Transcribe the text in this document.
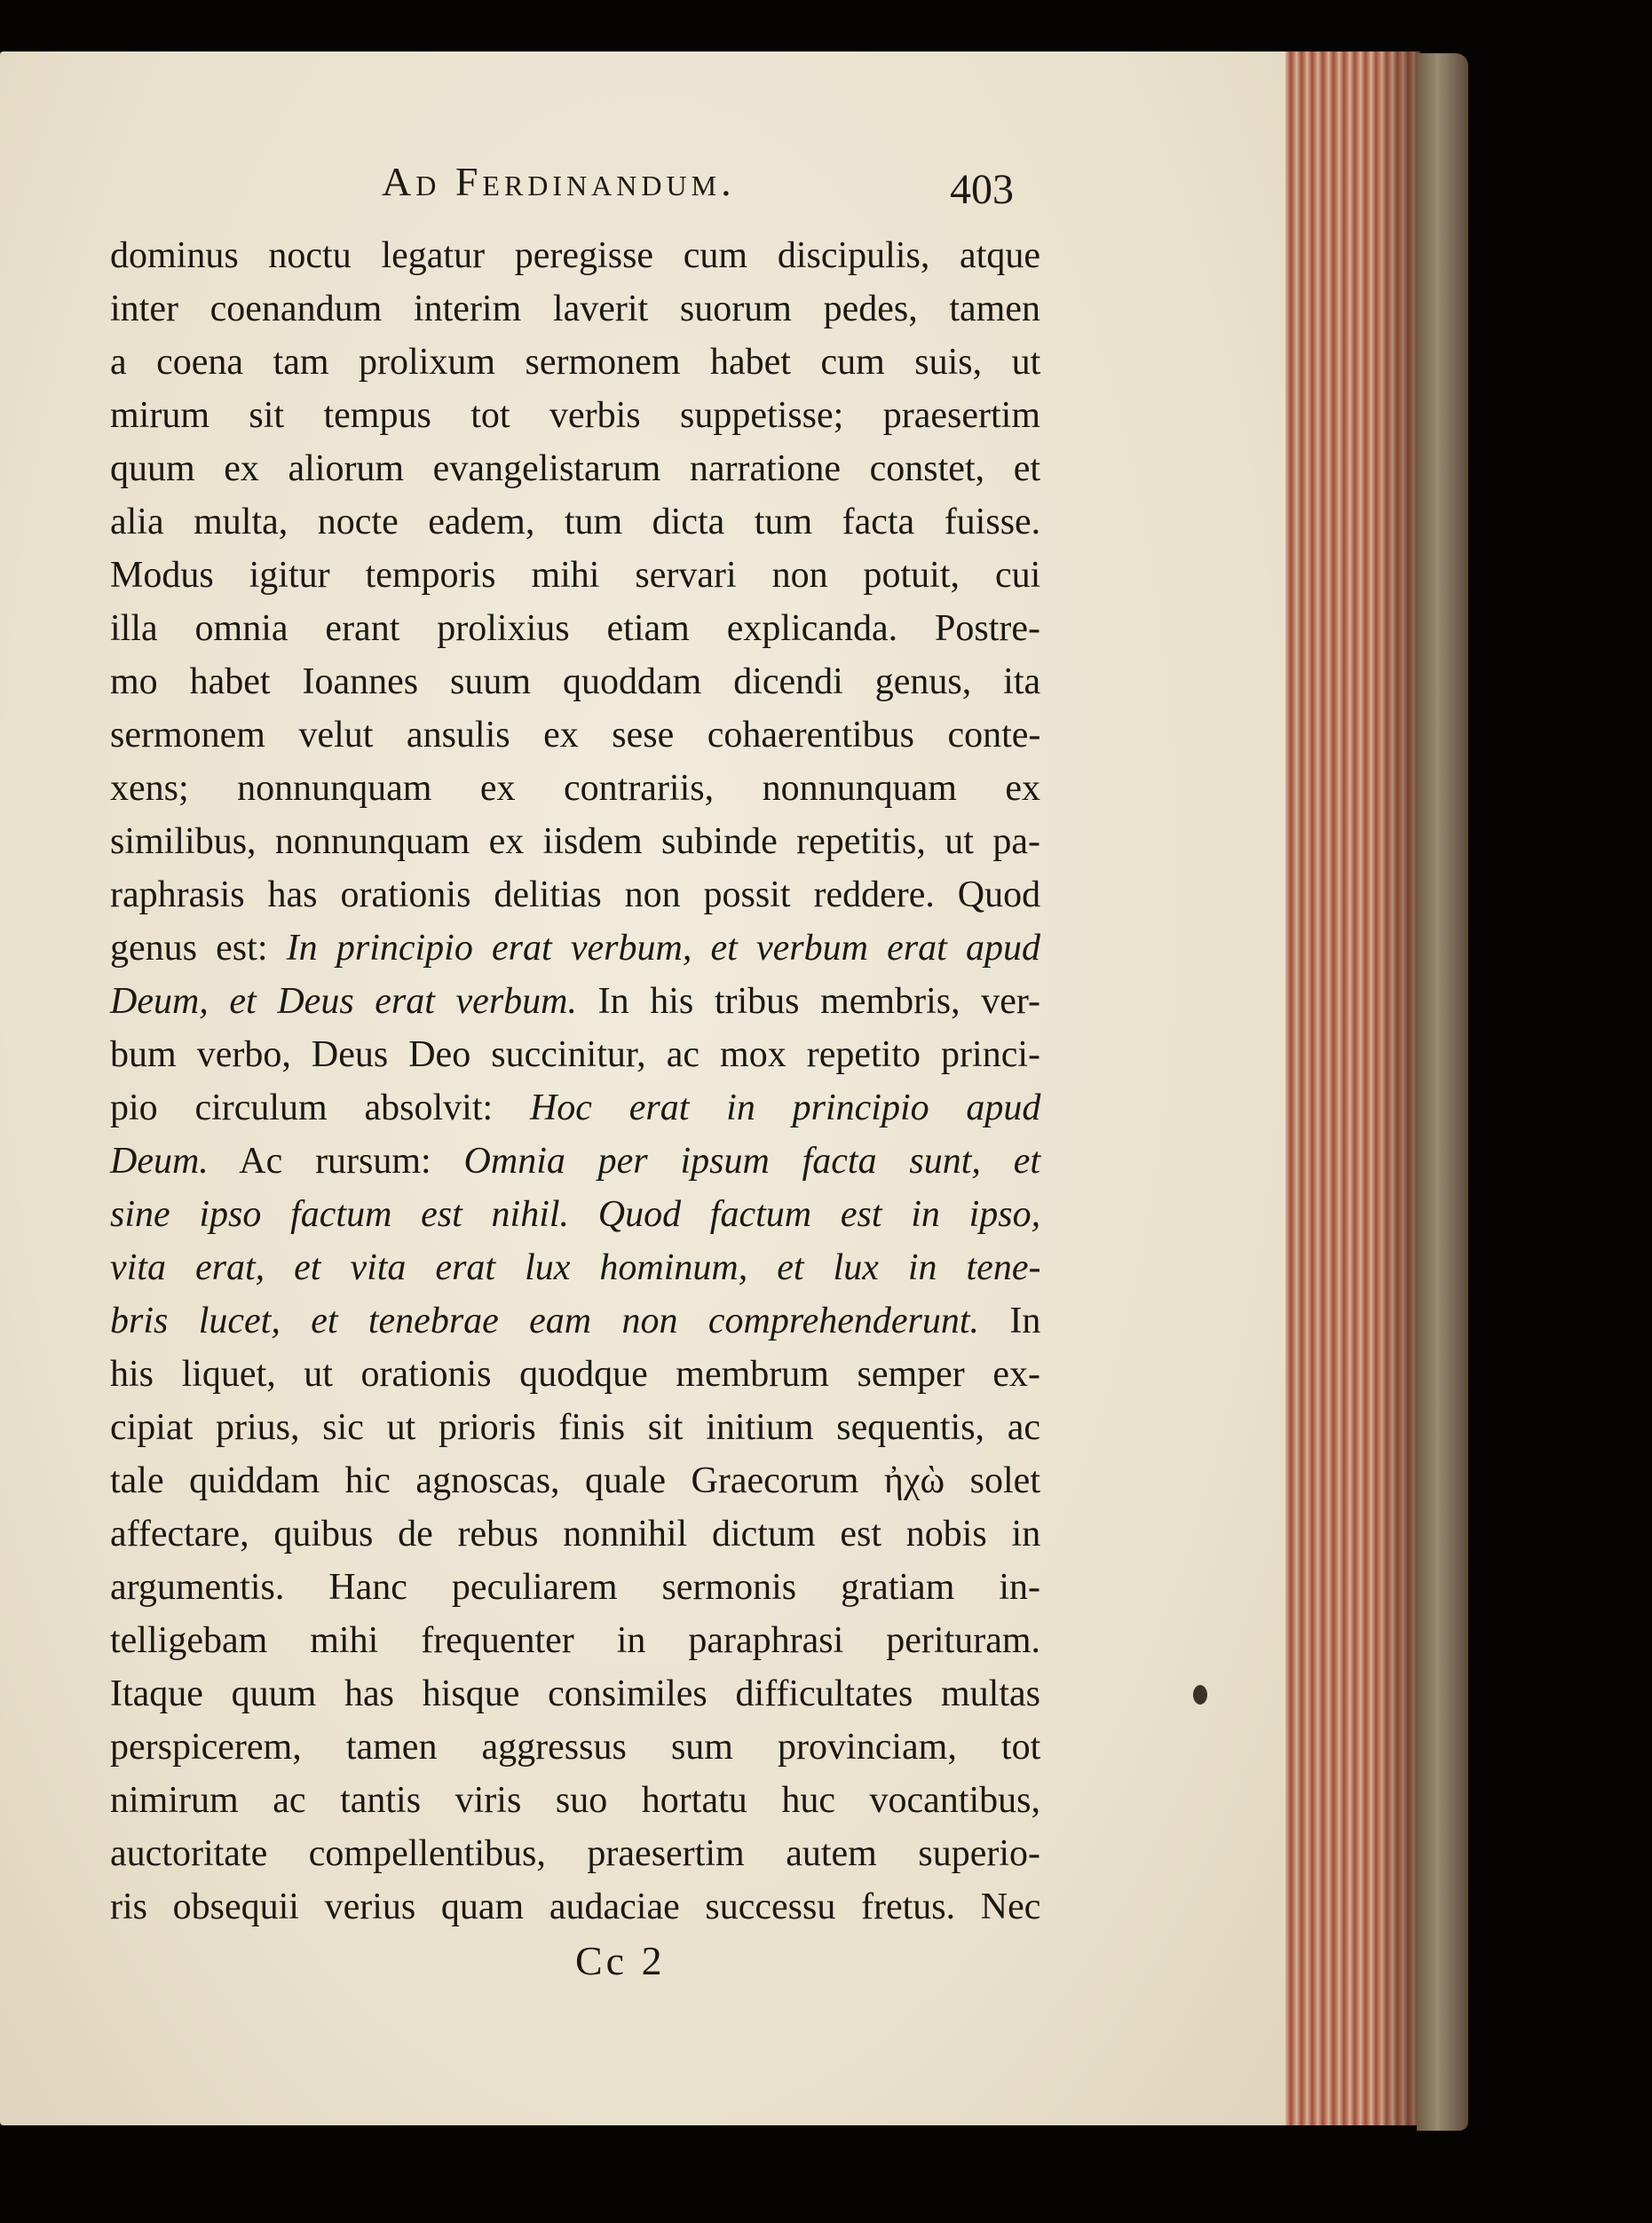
Ad Ferdinandum.	403
dominus noctu legatur peregisse cum discipulis, atque
inter coenandum interim laverit suorum pedes, tamen
a coena tam prolixum sermonem habet cum suis, ut
mirum sit tempus tot verbis suppetisse; praesertim
quum ex aliorum evangelistarum narratione constet, et
alia multa, nocte eadem, tum dicta tum facta fuisse.
Modus igitur temporis mihi servari non potuit, cui
illa omnia erant prolixius etiam explicanda. Postre-
mo habet Ioannes suum quoddam dicendi genus, ita
sermonem velut ansulis ex sese cohaerentibus conte-
xens; nonnunquam ex contrariis, nonnunquam ex
similibus, nonnunquam ex iisdem subinde repetitis, ut pa-
raphrasis has orationis delitias non possit reddere. Quod
genus est: In principio erat verbum, et verbum erat apud
Deum, et Deus erat verbum. In his tribus membris, ver-
bum verbo, Deus Deo succinitur, ac mox repetito princi-
pio circulum absolvit: Hoc erat in principio apud
Deum. Ac rursum: Omnia per ipsum facta sunt, et
sine ipso factum est nihil. Quod factum est in ipso,
vita erat, et vita erat lux hominum, et lux in tene-
bris lucet, et tenebrae eam non comprehenderunt. In
his liquet, ut orationis quodque membrum semper ex-
cipiat prius, sic ut prioris finis sit initium sequentis, ac
tale quiddam hic agnoscas, quale Graecorum ἠχὼ solet
affectare, quibus de rebus nonnihil dictum est nobis in
argumentis. Hanc peculiarem sermonis gratiam in-
telligebam mihi frequenter in paraphrasi perituram.
Itaque quum has hisque consimiles difficultates multas
perspicerem, tamen aggressus sum provinciam, tot
nimirum ac tantis viris suo hortatu huc vocantibus,
auctoritate compellentibus, praesertim autem superio-
ris obsequii verius quam audaciae successu fretus. Nec
Cc 2
